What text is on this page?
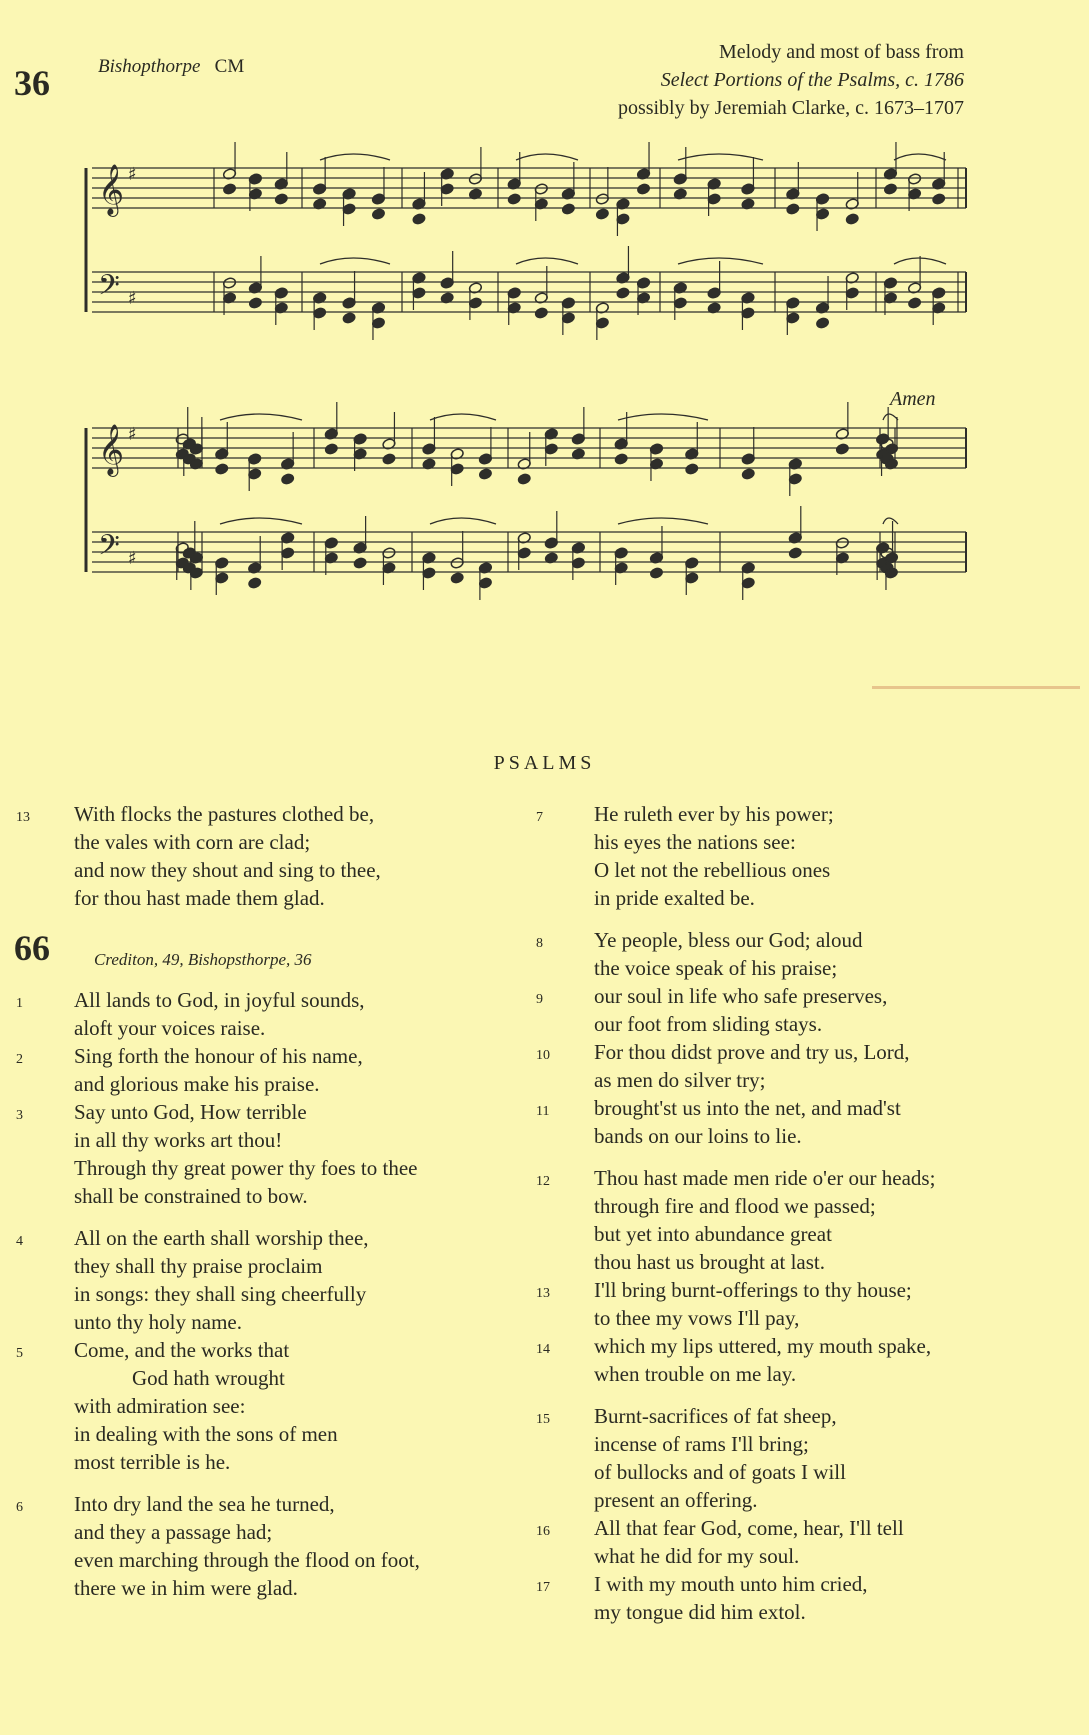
36	Bishopthorpe CM
Melody and most of bass from
Select Portions of the Psalms, c. 1786
possibly by Jeremiah Clarke, c. 1673–1707
Amen
𝄞 ♯
𝄢 ♯
𝄞 ♯
𝄢 ♯
PSALMS
13 With flocks the pastures clothed be,
the vales with corn are clad;
and now they shout and sing to thee,
for thou hast made them glad.
66	Crediton, 49, Bishopsthorpe, 36
1 All lands to God, in joyful sounds,
aloft your voices raise.
2 Sing forth the honour of his name,
and glorious make his praise.
3 Say unto God, How terrible
in all thy works art thou!
Through thy great power thy foes to thee
shall be constrained to bow.
4 All on the earth shall worship thee,
they shall thy praise proclaim
in songs: they shall sing cheerfully
unto thy holy name.
5 Come, and the works that
God hath wrought
with admiration see:
in dealing with the sons of men
most terrible is he.
6 Into dry land the sea he turned,
and they a passage had;
even marching through the flood on foot,
there we in him were glad.
7 He ruleth ever by his power;
his eyes the nations see:
O let not the rebellious ones
in pride exalted be.
8 Ye people, bless our God; aloud
the voice speak of his praise;
9 our soul in life who safe preserves,
our foot from sliding stays.
10 For thou didst prove and try us, Lord,
as men do silver try;
11 brought'st us into the net, and mad'st
bands on our loins to lie.
12 Thou hast made men ride o'er our heads;
through fire and flood we passed;
but yet into abundance great
thou hast us brought at last.
13 I'll bring burnt-offerings to thy house;
to thee my vows I'll pay,
14 which my lips uttered, my mouth spake,
when trouble on me lay.
15 Burnt-sacrifices of fat sheep,
incense of rams I'll bring;
of bullocks and of goats I will
present an offering.
16 All that fear God, come, hear, I'll tell
what he did for my soul.
17 I with my mouth unto him cried,
my tongue did him extol.
